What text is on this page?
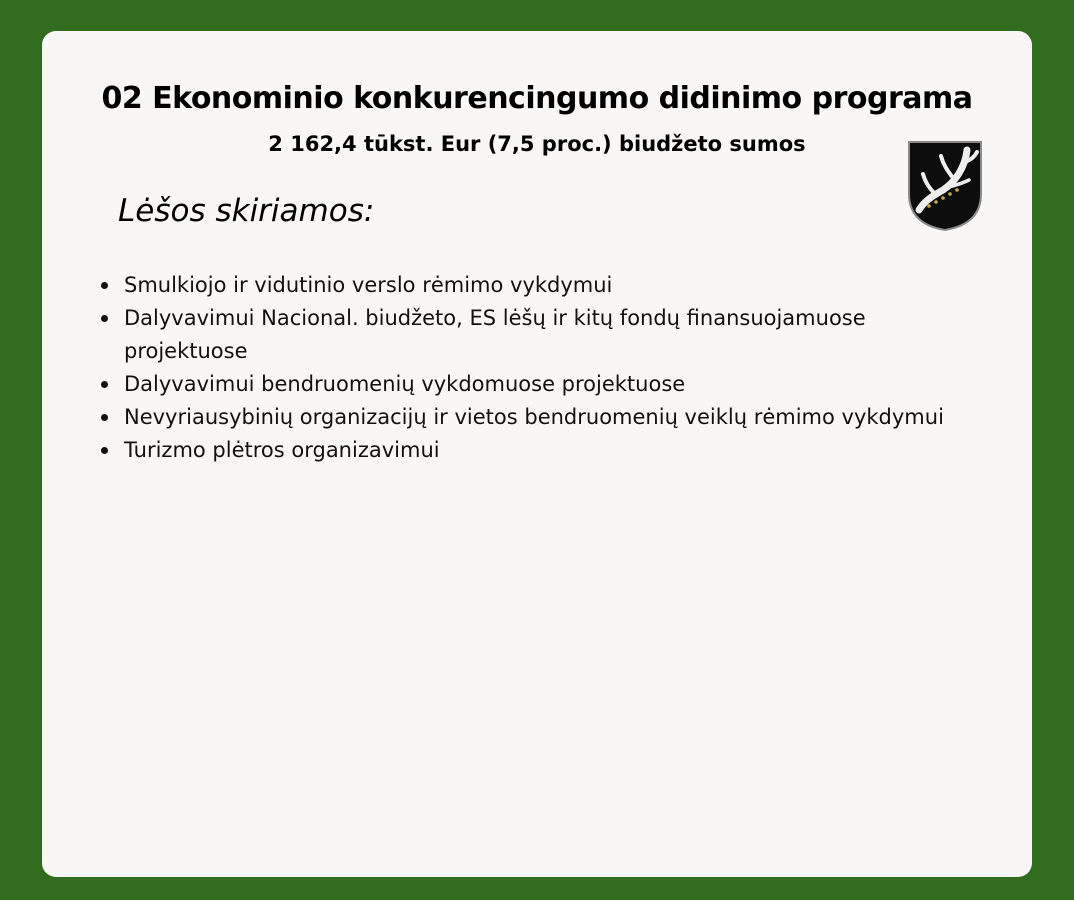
02 Ekonominio konkurencingumo didinimo programa
2 162,4 tūkst. Eur (7,5 proc.) biudžeto sumos

Lėšos skiriamos:

Smulkiojo ir vidutinio verslo rėmimo vykdymui
Dalyvavimui Nacional. biudžeto, ES lėšų ir kitų fondų finansuojamuose projektuose
Dalyvavimui bendruomenių vykdomuose projektuose
Nevyriausybinių organizacijų ir vietos bendruomenių veiklų rėmimo vykdymui
Turizmo plėtros organizavimui
